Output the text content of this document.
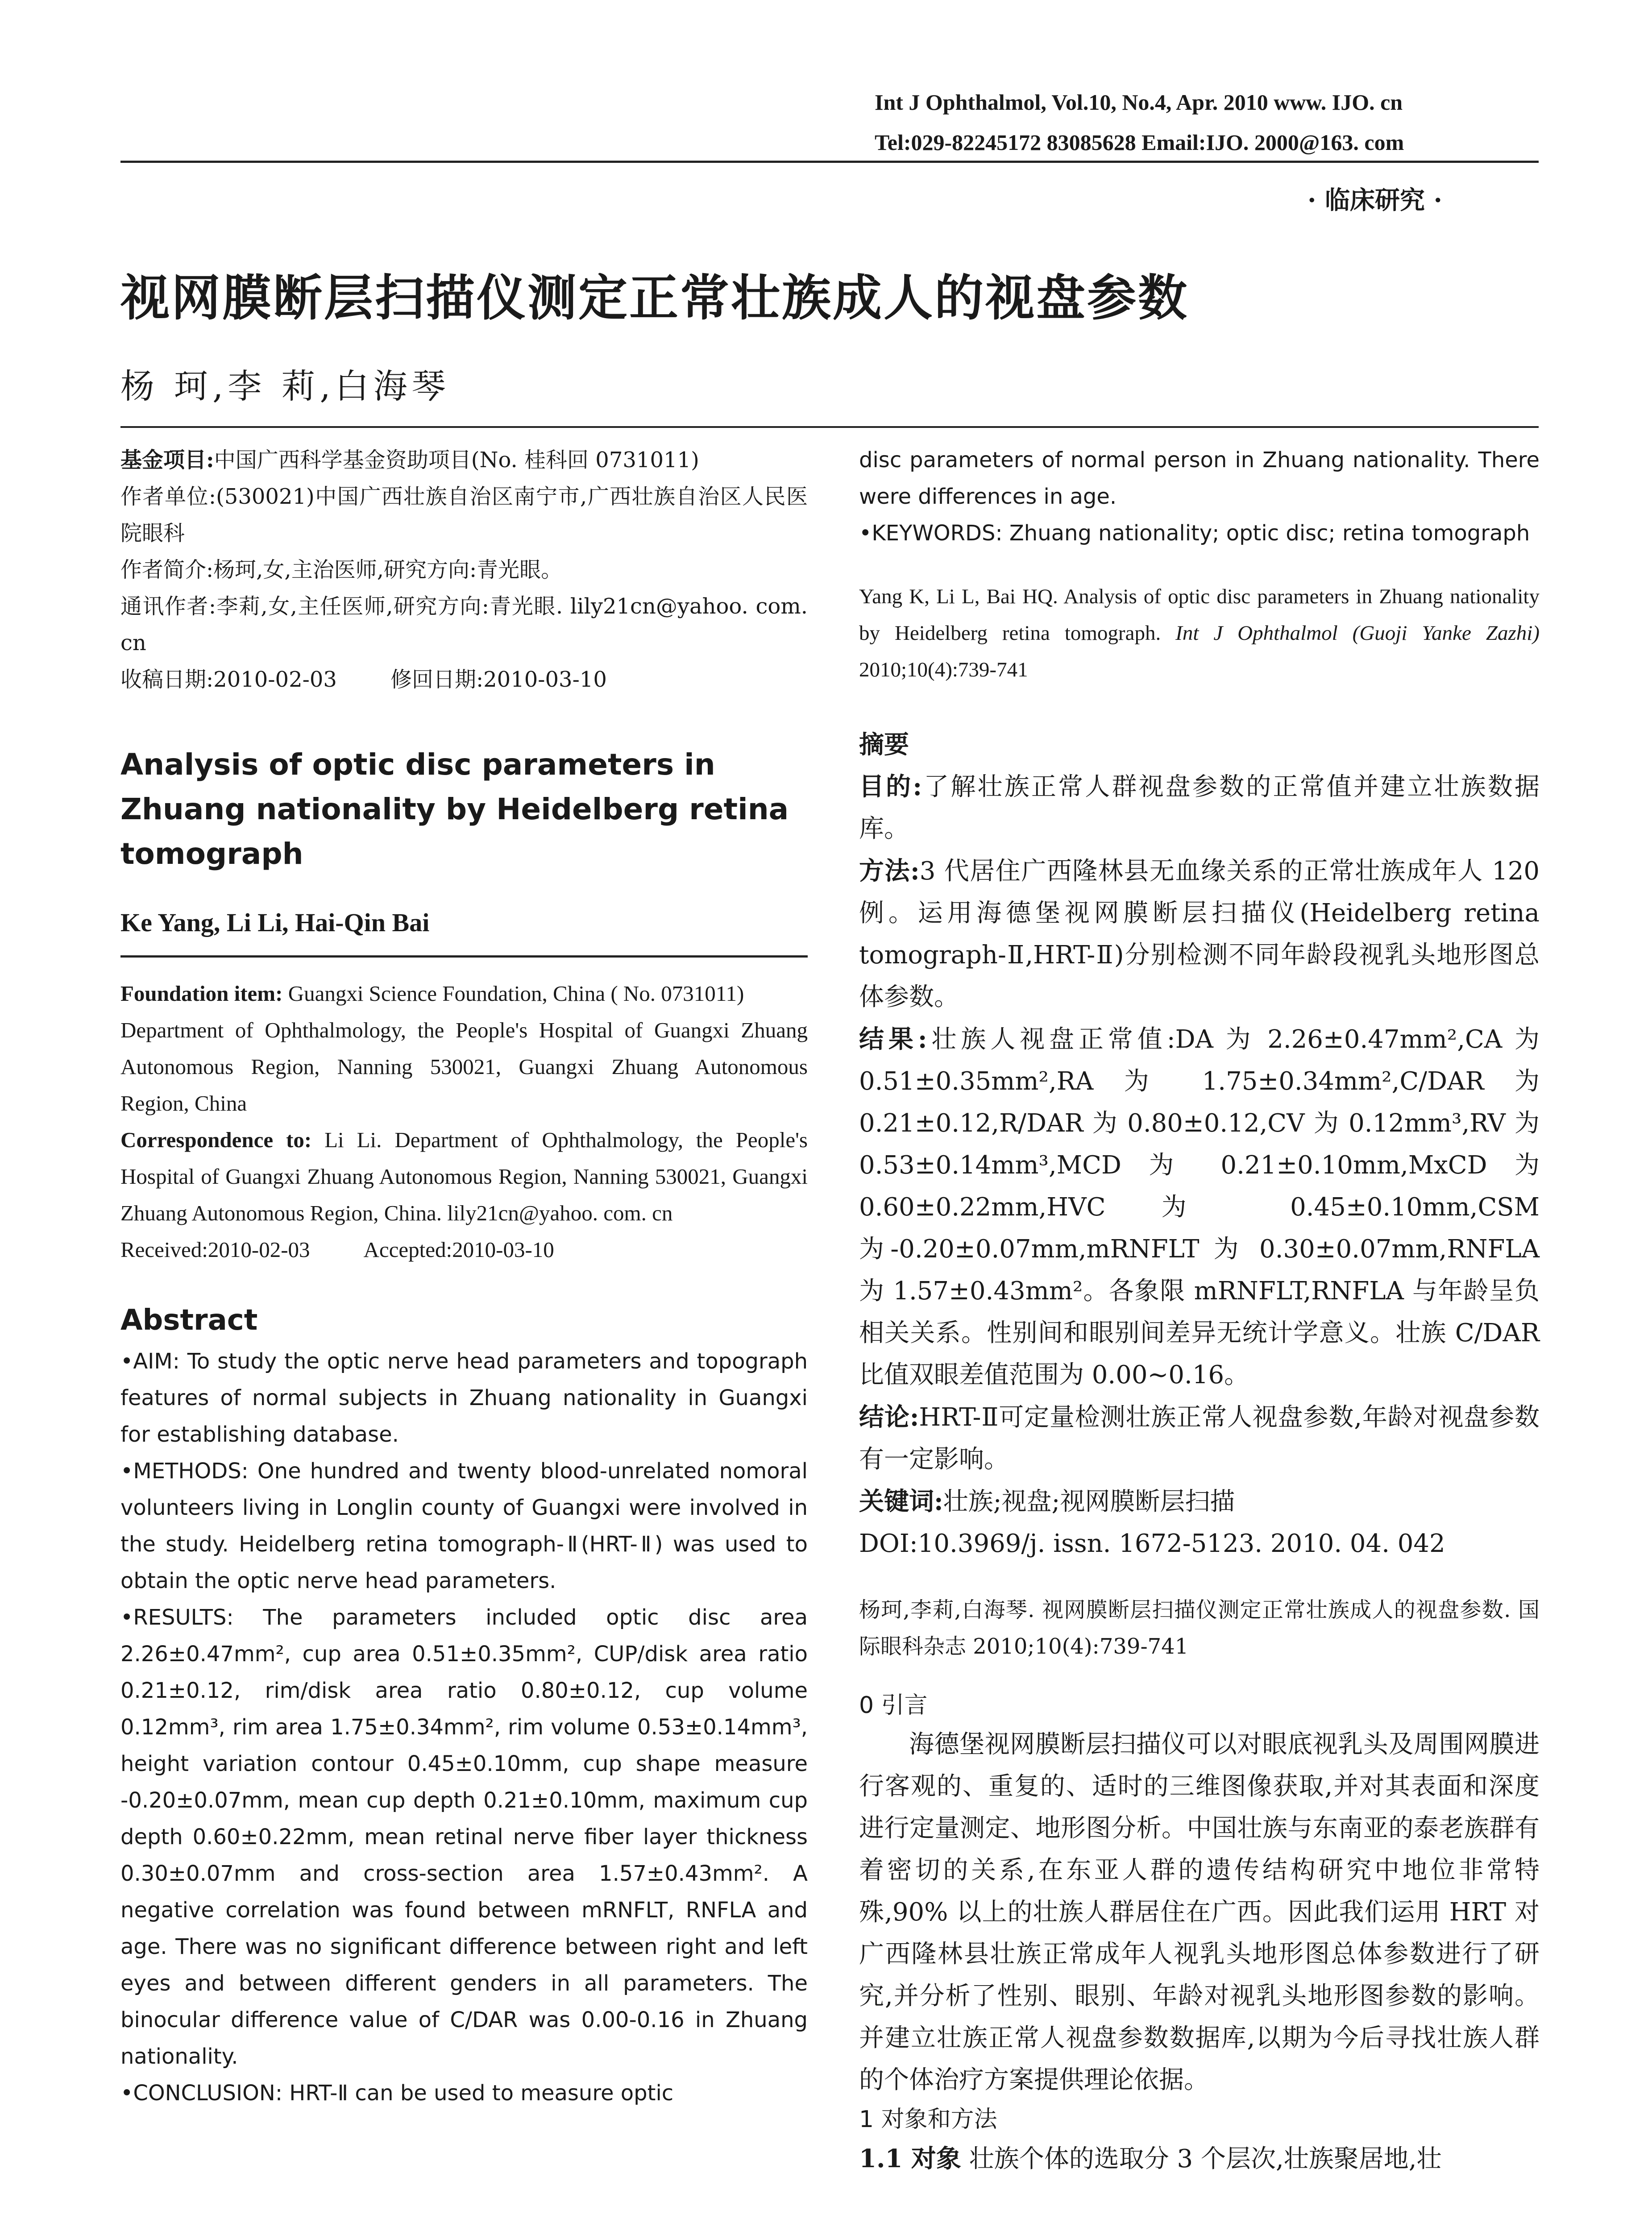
Int J Ophthalmol, Vol.10, No.4, Apr. 2010 www. IJO. cn
Tel:029-82245172 83085628 Email:IJO. 2000@163. com
· 临床研究 ·
视网膜断层扫描仪测定正常壮族成人的视盘参数
杨 珂,李 莉,白海琴

基金项目:中国广西科学基金资助项目(No. 桂科回 0731011)

作者单位:(530021)中国广西壮族自治区南宁市,广西壮族自治区人民医院眼科

作者简介:杨珂,女,主治医师,研究方向:青光眼。

通讯作者:李莉,女,主任医师,研究方向:青光眼. lily21cn@yahoo. com. cn

收稿日期:2010-02-03	修回日期:2010-03-10

Analysis of optic disc parameters in Zhuang nationality by Heidelberg retina tomograph

Ke Yang, Li Li, Hai-Qin Bai

Foundation item: Guangxi Science Foundation, China ( No. 0731011)

Department of Ophthalmology, the People's Hospital of Guangxi Zhuang Autonomous Region, Nanning 530021, Guangxi Zhuang Autonomous Region, China

Correspondence to: Li Li. Department of Ophthalmology, the People's Hospital of Guangxi Zhuang Autonomous Region, Nanning 530021, Guangxi Zhuang Autonomous Region, China. lily21cn@yahoo. com. cn

Received:2010-02-03 Accepted:2010-03-10

Abstract

• AIM: To study the optic nerve head parameters and topograph features of normal subjects in Zhuang nationality in Guangxi for establishing database.

• METHODS: One hundred and twenty blood-unrelated nomoral volunteers living in Longlin county of Guangxi were involved in the study. Heidelberg retina tomograph-Ⅱ(HRT-Ⅱ) was used to obtain the optic nerve head parameters.

• RESULTS: The parameters included optic disc area 2.26±0.47mm², cup area 0.51±0.35mm², CUP/disk area ratio 0.21±0.12, rim/disk area ratio 0.80±0.12, cup volume 0.12mm³, rim area 1.75±0.34mm², rim volume 0.53±0.14mm³, height variation contour 0.45±0.10mm, cup shape measure -0.20±0.07mm, mean cup depth 0.21±0.10mm, maximum cup depth 0.60±0.22mm, mean retinal nerve fiber layer thickness 0.30±0.07mm and cross-section area 1.57±0.43mm². A negative correlation was found between mRNFLT, RNFLA and age. There was no significant difference between right and left eyes and between different genders in all parameters. The binocular difference value of C/DAR was 0.00-0.16 in Zhuang nationality.

• CONCLUSION: HRT-Ⅱ can be used to measure optic

disc parameters of normal person in Zhuang nationality. There were differences in age.

• KEYWORDS: Zhuang nationality; optic disc; retina tomograph

Yang K, Li L, Bai HQ. Analysis of optic disc parameters in Zhuang nationality by Heidelberg retina tomograph. Int J Ophthalmol (Guoji Yanke Zazhi) 2010;10(4):739-741

摘要

目的:了解壮族正常人群视盘参数的正常值并建立壮族数据库。

方法:3 代居住广西隆林县无血缘关系的正常壮族成年人 120 例。运用海德堡视网膜断层扫描仪(Heidelberg retina tomograph-Ⅱ,HRT-Ⅱ)分别检测不同年龄段视乳头地形图总体参数。

结果:壮族人视盘正常值:DA 为 2.26±0.47mm²,CA 为 0.51±0.35mm²,RA 为 1.75±0.34mm²,C/DAR 为 0.21±0.12,R/DAR 为 0.80±0.12,CV 为 0.12mm³,RV 为 0.53±0.14mm³,MCD 为 0.21±0.10mm,MxCD 为 0.60±0.22mm,HVC 为 0.45±0.10mm,CSM 为-0.20±0.07mm,mRNFLT 为 0.30±0.07mm,RNFLA 为 1.57±0.43mm²。各象限 mRNFLT,RNFLA 与年龄呈负相关关系。性别间和眼别间差异无统计学意义。壮族 C/DAR 比值双眼差值范围为 0.00~0.16。

结论:HRT-Ⅱ可定量检测壮族正常人视盘参数,年龄对视盘参数有一定影响。

关键词:壮族;视盘;视网膜断层扫描

DOI:10.3969/j. issn. 1672-5123. 2010. 04. 042

杨珂,李莉,白海琴. 视网膜断层扫描仪测定正常壮族成人的视盘参数. 国际眼科杂志 2010;10(4):739-741

0 引言

海德堡视网膜断层扫描仪可以对眼底视乳头及周围网膜进行客观的、重复的、适时的三维图像获取,并对其表面和深度进行定量测定、地形图分析。中国壮族与东南亚的泰老族群有着密切的关系,在东亚人群的遗传结构研究中地位非常特殊,90% 以上的壮族人群居住在广西。因此我们运用 HRT 对广西隆林县壮族正常成年人视乳头地形图总体参数进行了研究,并分析了性别、眼别、年龄对视乳头地形图参数的影响。并建立壮族正常人视盘参数数据库,以期为今后寻找壮族人群的个体治疗方案提供理论依据。

1 对象和方法

1.1 对象 壮族个体的选取分 3 个层次,壮族聚居地,壮
